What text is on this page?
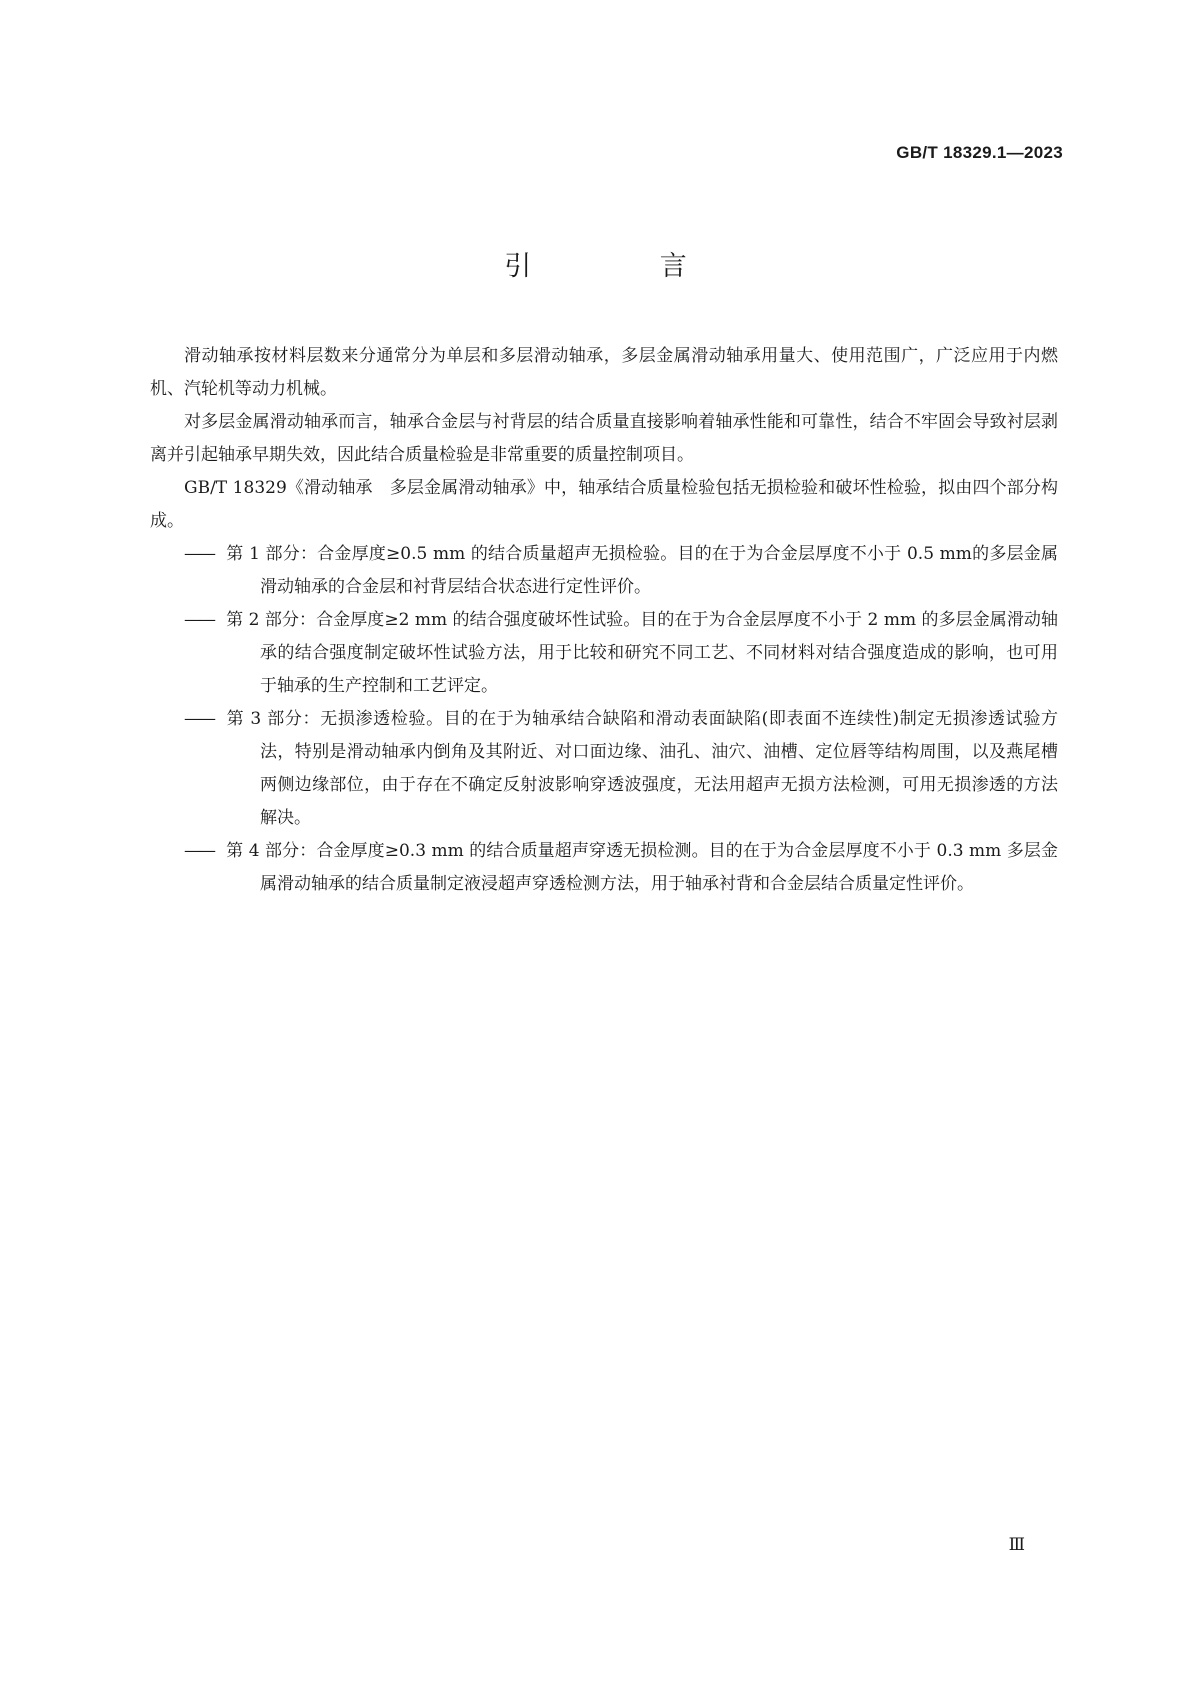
GB/T 18329.1—2023
引 言

滑动轴承按材料层数来分通常分为单层和多层滑动轴承，多层金属滑动轴承用量大、使用范围广，广泛应用于内燃机、汽轮机等动力机械。

对多层金属滑动轴承而言，轴承合金层与衬背层的结合质量直接影响着轴承性能和可靠性，结合不牢固会导致衬层剥离并引起轴承早期失效，因此结合质量检验是非常重要的质量控制项目。

GB/T 18329《滑动轴承　多层金属滑动轴承》中，轴承结合质量检验包括无损检验和破坏性检验，拟由四个部分构成。

—— 第 1 部分：合金厚度≥0.5 mm 的结合质量超声无损检验。目的在于为合金层厚度不小于 0.5 mm的多层金属滑动轴承的合金层和衬背层结合状态进行定性评价。

—— 第 2 部分：合金厚度≥2 mm 的结合强度破坏性试验。目的在于为合金层厚度不小于 2 mm 的多层金属滑动轴承的结合强度制定破坏性试验方法，用于比较和研究不同工艺、不同材料对结合强度造成的影响，也可用于轴承的生产控制和工艺评定。

—— 第 3 部分：无损渗透检验。目的在于为轴承结合缺陷和滑动表面缺陷(即表面不连续性)制定无损渗透试验方法，特别是滑动轴承内倒角及其附近、对口面边缘、油孔、油穴、油槽、定位唇等结构周围，以及燕尾槽两侧边缘部位，由于存在不确定反射波影响穿透波强度，无法用超声无损方法检测，可用无损渗透的方法解决。

—— 第 4 部分：合金厚度≥0.3 mm 的结合质量超声穿透无损检测。目的在于为合金层厚度不小于 0.3 mm 多层金属滑动轴承的结合质量制定液浸超声穿透检测方法，用于轴承衬背和合金层结合质量定性评价。

Ⅲ
